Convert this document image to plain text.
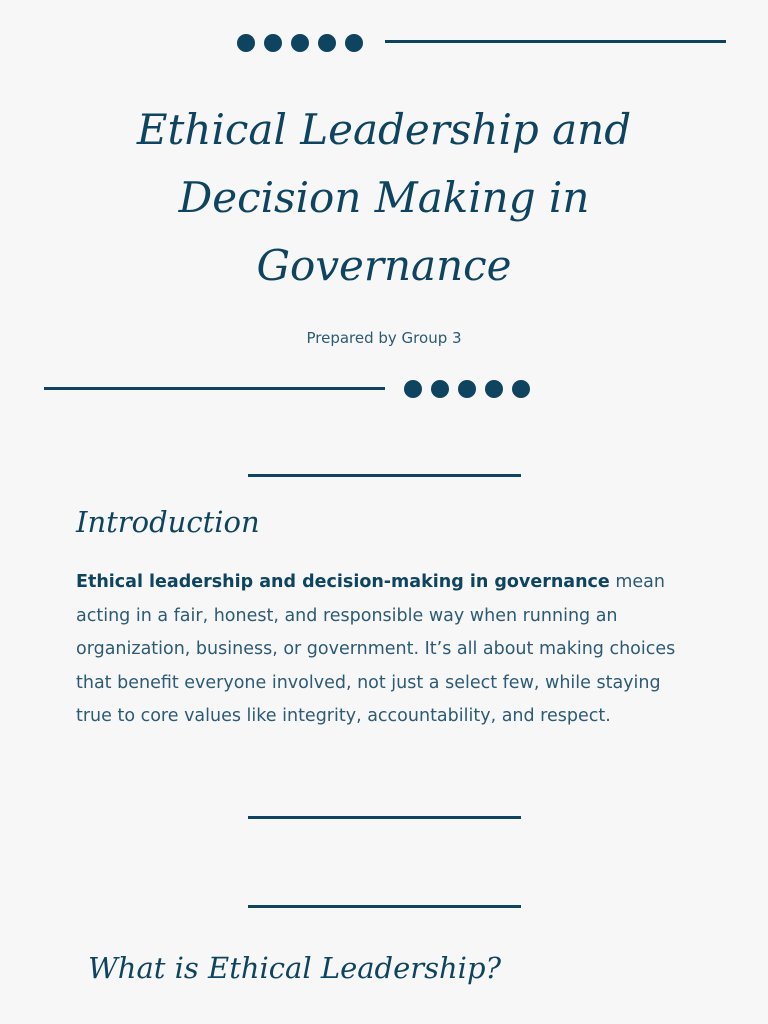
Ethical Leadership and Decision Making in Governance

Prepared by Group 3

Introduction

Ethical leadership and decision-making in governance mean acting in a fair, honest, and responsible way when running an organization, business, or government. It’s all about making choices that benefit everyone involved, not just a select few, while staying true to core values like integrity, accountability, and respect.

What is Ethical Leadership?
